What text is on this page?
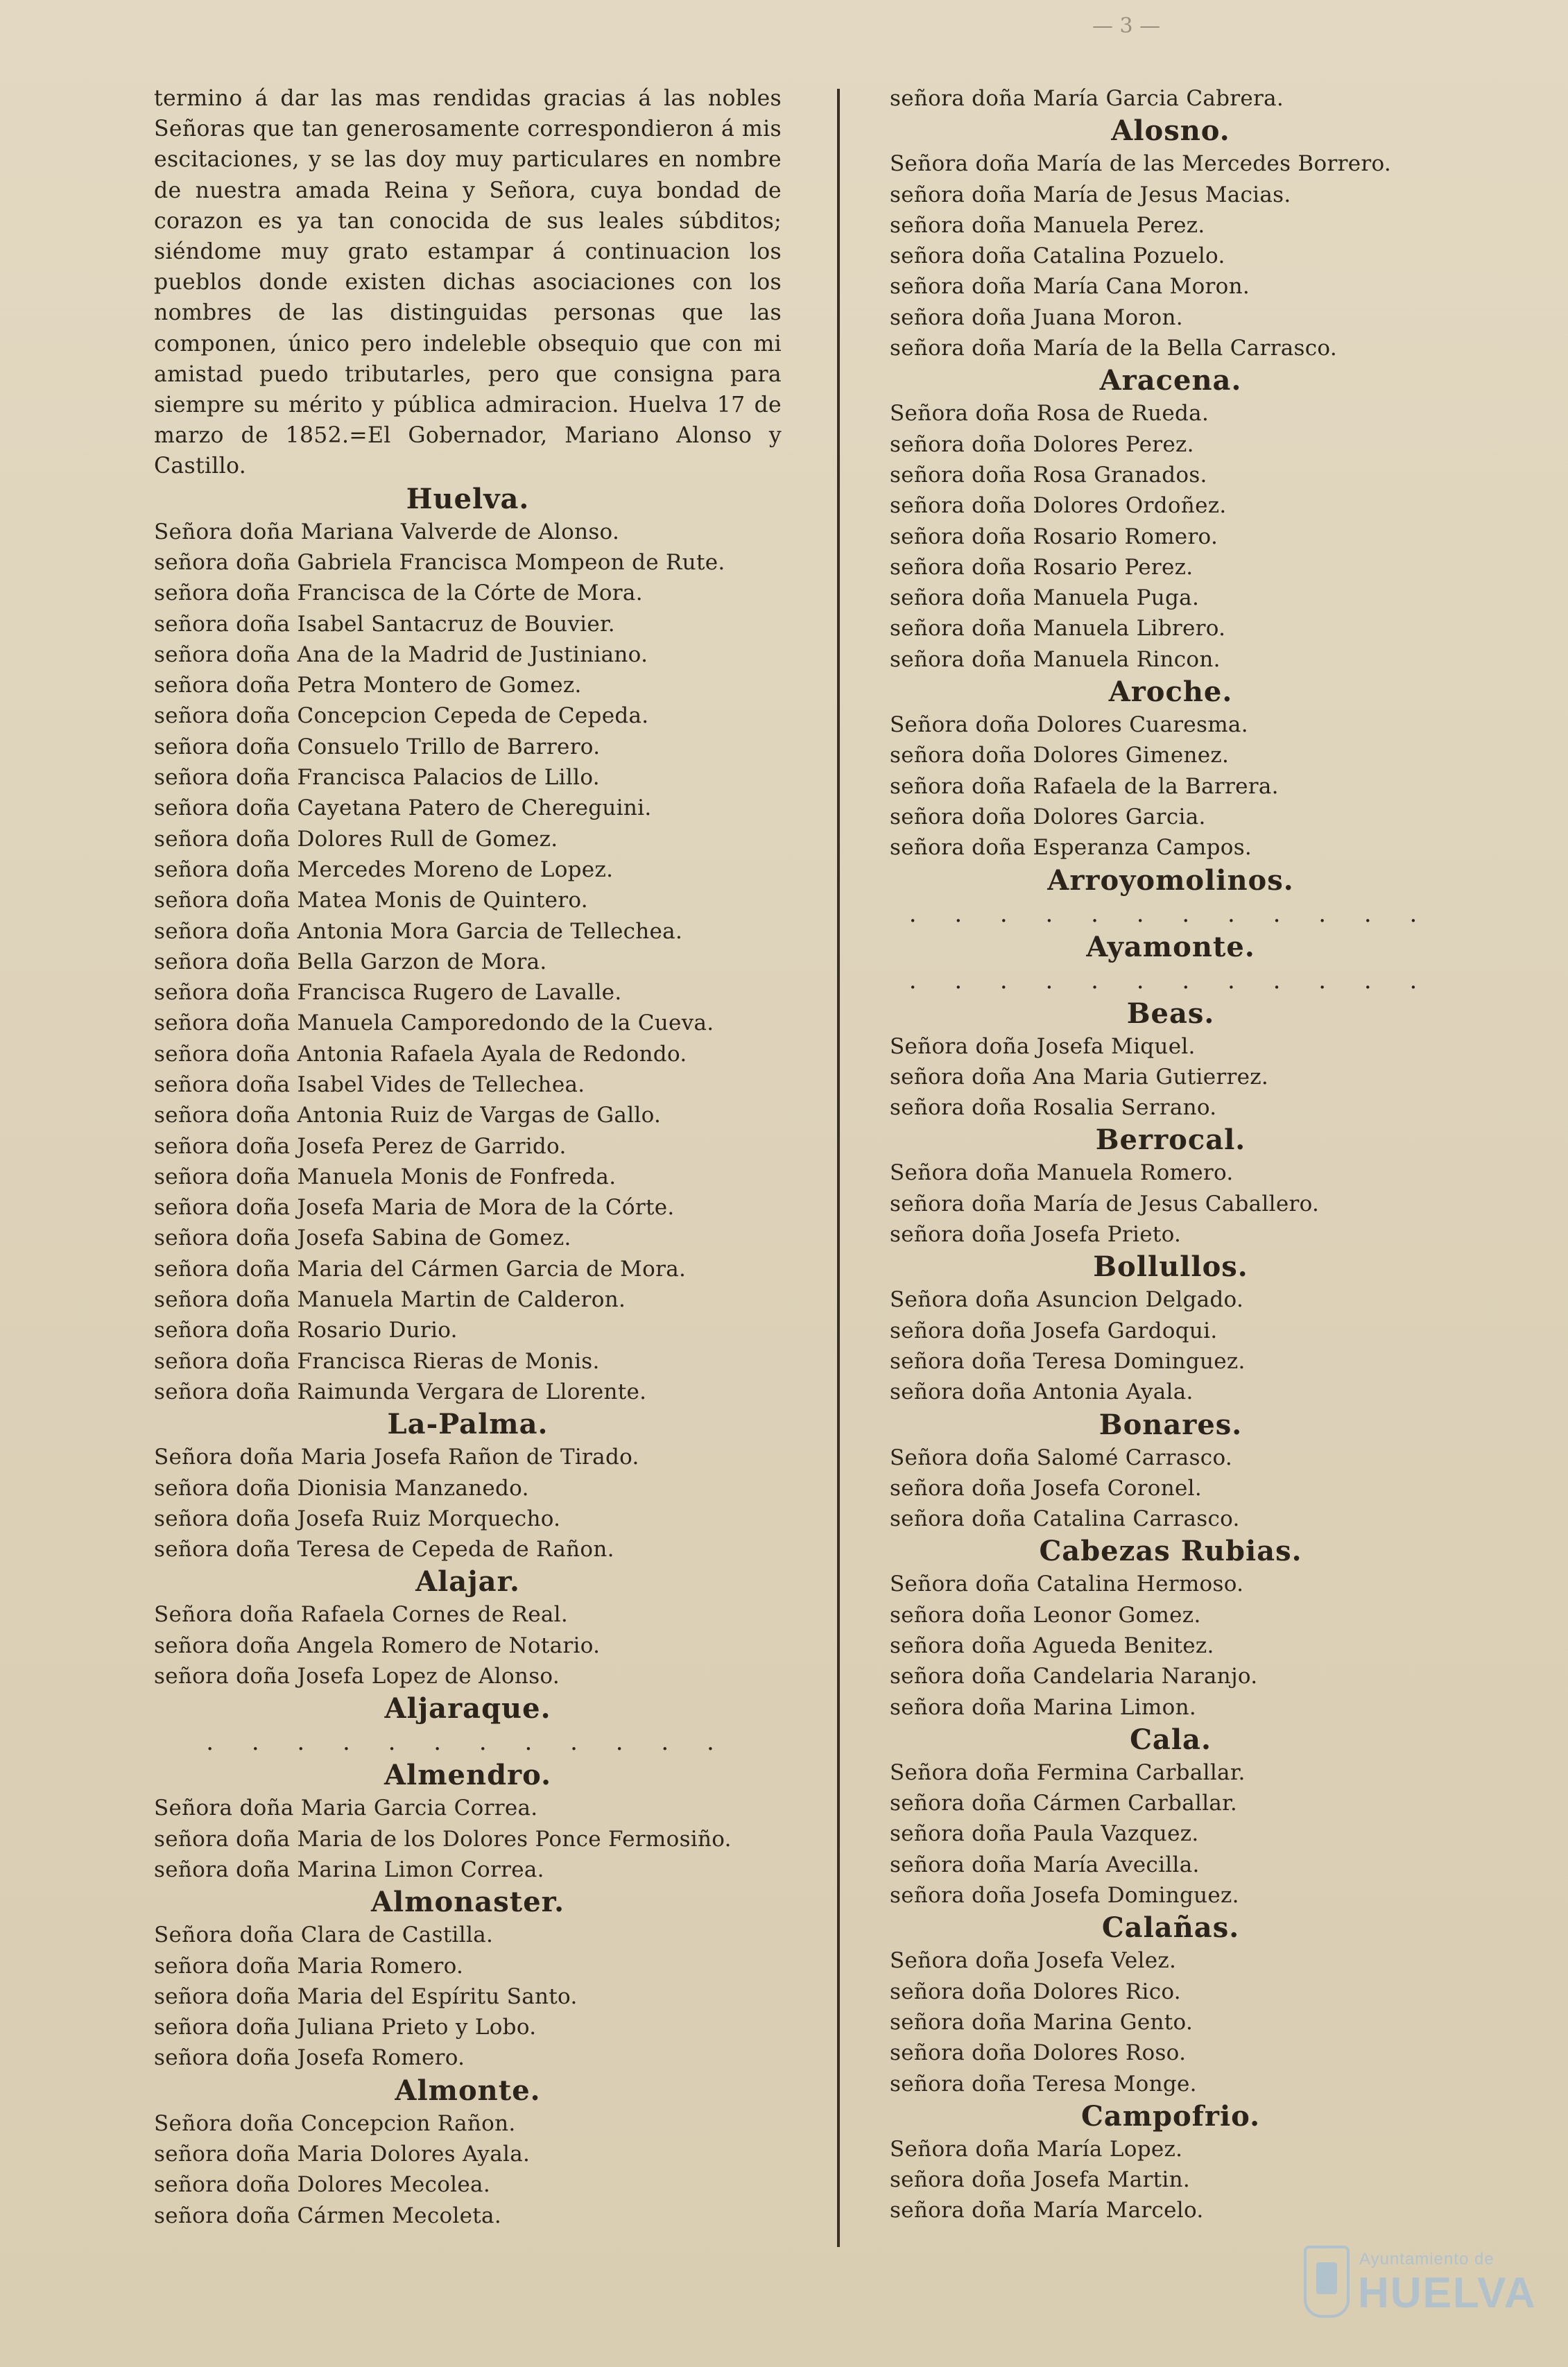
— 3 —

termino á dar las mas rendidas gracias á las nobles Señoras que tan generosamente correspondieron á mis escitaciones, y se las doy muy particulares en nombre de nuestra amada Reina y Señora, cuya bondad de corazon es ya tan conocida de sus leales súbditos; siéndome muy grato estampar á continuacion los pueblos donde existen dichas asociaciones con los nombres de las distinguidas personas que las componen, único pero indeleble obsequio que con mi amistad puedo tributarles, pero que consigna para siempre su mérito y pública admiracion. Huelva 17 de marzo de 1852.=El Gobernador, Mariano Alonso y Castillo.

Huelva.
Señora doña Mariana Valverde de Alonso.
señora doña Gabriela Francisca Mompeon de Rute.
señora doña Francisca de la Córte de Mora.
señora doña Isabel Santacruz de Bouvier.
señora doña Ana de la Madrid de Justiniano.
señora doña Petra Montero de Gomez.
señora doña Concepcion Cepeda de Cepeda.
señora doña Consuelo Trillo de Barrero.
señora doña Francisca Palacios de Lillo.
señora doña Cayetana Patero de Chereguini.
señora doña Dolores Rull de Gomez.
señora doña Mercedes Moreno de Lopez.
señora doña Matea Monis de Quintero.
señora doña Antonia Mora Garcia de Tellechea.
señora doña Bella Garzon de Mora.
señora doña Francisca Rugero de Lavalle.
señora doña Manuela Camporedondo de la Cueva.
señora doña Antonia Rafaela Ayala de Redondo.
señora doña Isabel Vides de Tellechea.
señora doña Antonia Ruiz de Vargas de Gallo.
señora doña Josefa Perez de Garrido.
señora doña Manuela Monis de Fonfreda.
señora doña Josefa Maria de Mora de la Córte.
señora doña Josefa Sabina de Gomez.
señora doña Maria del Cármen Garcia de Mora.
señora doña Manuela Martin de Calderon.
señora doña Rosario Durio.
señora doña Francisca Rieras de Monis.
señora doña Raimunda Vergara de Llorente.
La-Palma.
Señora doña Maria Josefa Rañon de Tirado.
señora doña Dionisia Manzanedo.
señora doña Josefa Ruiz Morquecho.
señora doña Teresa de Cepeda de Rañon.
Alajar.
Señora doña Rafaela Cornes de Real.
señora doña Angela Romero de Notario.
señora doña Josefa Lopez de Alonso.
Aljaraque.
. . . . . . . . . . . .
Almendro.
Señora doña Maria Garcia Correa.
señora doña Maria de los Dolores Ponce Fermosiño.
señora doña Marina Limon Correa.
Almonaster.
Señora doña Clara de Castilla.
señora doña Maria Romero.
señora doña Maria del Espíritu Santo.
señora doña Juliana Prieto y Lobo.
señora doña Josefa Romero.
Almonte.
Señora doña Concepcion Rañon.
señora doña Maria Dolores Ayala.
señora doña Dolores Mecolea.
señora doña Cármen Mecoleta.
señora doña María Garcia Cabrera.
Alosno.
Señora doña María de las Mercedes Borrero.
señora doña María de Jesus Macias.
señora doña Manuela Perez.
señora doña Catalina Pozuelo.
señora doña María Cana Moron.
señora doña Juana Moron.
señora doña María de la Bella Carrasco.
Aracena.
Señora doña Rosa de Rueda.
señora doña Dolores Perez.
señora doña Rosa Granados.
señora doña Dolores Ordoñez.
señora doña Rosario Romero.
señora doña Rosario Perez.
señora doña Manuela Puga.
señora doña Manuela Librero.
señora doña Manuela Rincon.
Aroche.
Señora doña Dolores Cuaresma.
señora doña Dolores Gimenez.
señora doña Rafaela de la Barrera.
señora doña Dolores Garcia.
señora doña Esperanza Campos.
Arroyomolinos.
. . . . . . . . . . . .
Ayamonte.
. . . . . . . . . . . .
Beas.
Señora doña Josefa Miquel.
señora doña Ana Maria Gutierrez.
señora doña Rosalia Serrano.
Berrocal.
Señora doña Manuela Romero.
señora doña María de Jesus Caballero.
señora doña Josefa Prieto.
Bollullos.
Señora doña Asuncion Delgado.
señora doña Josefa Gardoqui.
señora doña Teresa Dominguez.
señora doña Antonia Ayala.
Bonares.
Señora doña Salomé Carrasco.
señora doña Josefa Coronel.
señora doña Catalina Carrasco.
Cabezas Rubias.
Señora doña Catalina Hermoso.
señora doña Leonor Gomez.
señora doña Agueda Benitez.
señora doña Candelaria Naranjo.
señora doña Marina Limon.
Cala.
Señora doña Fermina Carballar.
señora doña Cármen Carballar.
señora doña Paula Vazquez.
señora doña María Avecilla.
señora doña Josefa Dominguez.
Calañas.
Señora doña Josefa Velez.
señora doña Dolores Rico.
señora doña Marina Gento.
señora doña Dolores Roso.
señora doña Teresa Monge.
Campofrio.
Señora doña María Lopez.
señora doña Josefa Martin.
señora doña María Marcelo.
Ayuntamiento de
HUELVA
